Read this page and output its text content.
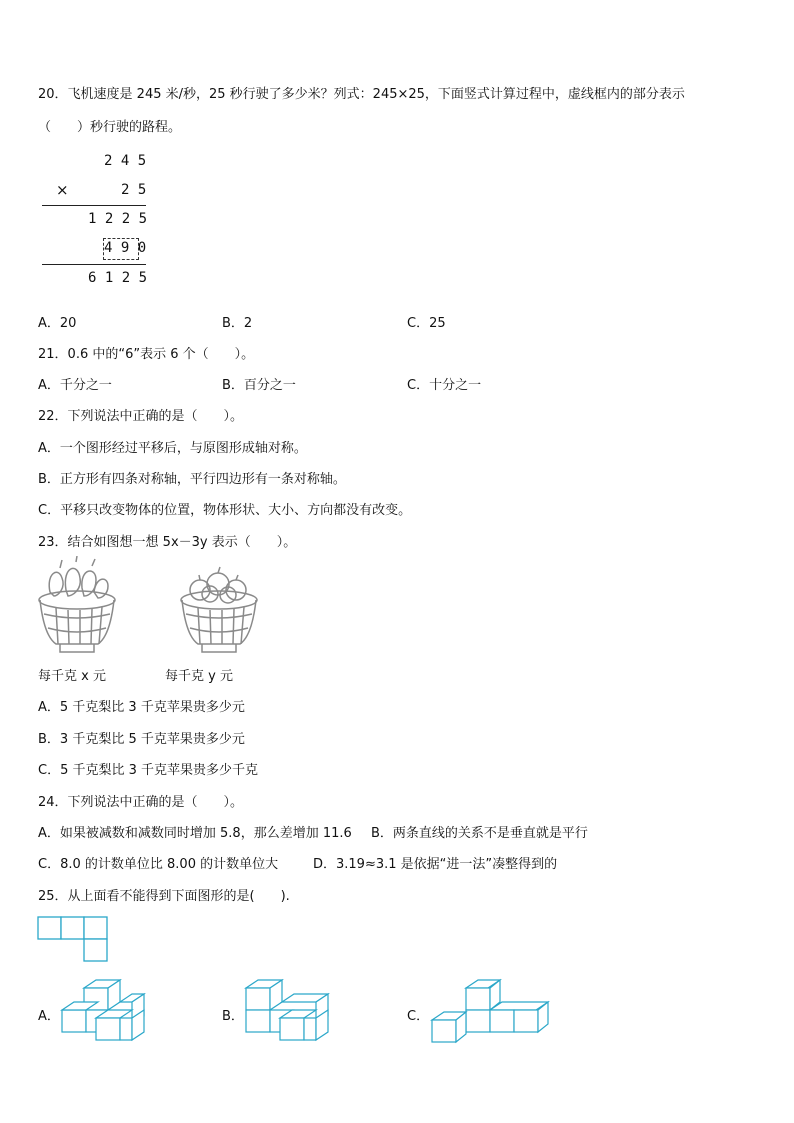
20．飞机速度是 245 米/秒，25 秒行驶了多少米？列式：245×25，下面竖式计算过程中，虚线框内的部分表示
（　　）秒行驶的路程。
2 4 5
×	2 5
1 2 2 5
4 9 0
6 1 2 5
A．20	B．2	C．25
21．0.6 中的“6”表示 6 个（　　）。
A．千分之一	B．百分之一	C．十分之一
22．下列说法中正确的是（　　）。
A．一个图形经过平移后，与原图形成轴对称。
B．正方形有四条对称轴，平行四边形有一条对称轴。
C．平移只改变物体的位置，物体形状、大小、方向都没有改变。
23．结合如图想一想 5x－3y 表示（　　）。
每千克 x 元	每千克 y 元
A．5 千克梨比 3 千克苹果贵多少元
B．3 千克梨比 5 千克苹果贵多少元
C．5 千克梨比 3 千克苹果贵多少千克
24．下列说法中正确的是（　　）。
A．如果被减数和减数同时增加 5.8，那么差增加 11.6 B．两条直线的关系不是垂直就是平行
C．8.0 的计数单位比 8.00 的计数单位大	D．3.19≈3.1 是依据“进一法”凑整得到的
25．从上面看不能得到下面图形的是(　　).
A．	B．	C．
